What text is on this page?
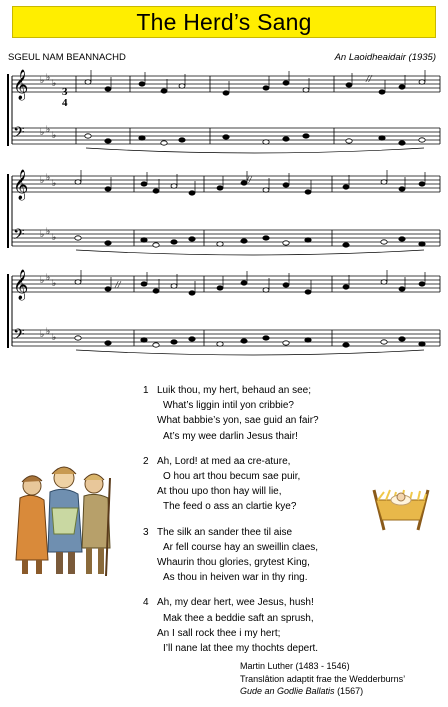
The Herd’s Sang
SGEUL NAM BEANNACHD	An Laoidheaidair (1935)
𝄞 ♭ ♭
♭
𝄢 ♭ ♭
♭
𝄞 ♭ ♭
♭
𝄢 ♭ ♭
♭
𝄞 ♭ ♭
♭
𝄢 ♭ ♭
♭
3
4
//
//
//
1 Luik thou, my hert, behaud an see;
What’s liggin intil yon cribbie?
What babbie’s yon, sae guid an fair?
At’s my wee darlin Jesus thair!
2 Ah, Lord! at med aa cre-ature,
O hou art thou becum sae puir,
At thou upo thon hay will lie,
The feed o ass an clartie kye?
3 The silk an sander thee til aise
Ar fell course hay an sweillin claes,
Whaurin thou glories, grytest King,
As thou in heiven war in thy ring.
4 Ah, my dear hert, wee Jesus, hush!
Mak thee a beddie saft an sprush,
An I sall rock thee i my hert;
I’ll nane lat thee my thochts depert.
Martin Luther (1483 - 1546)
Translâtion adaptit frae the Wedderburns’
Gude an Godlie Ballatis (1567)
